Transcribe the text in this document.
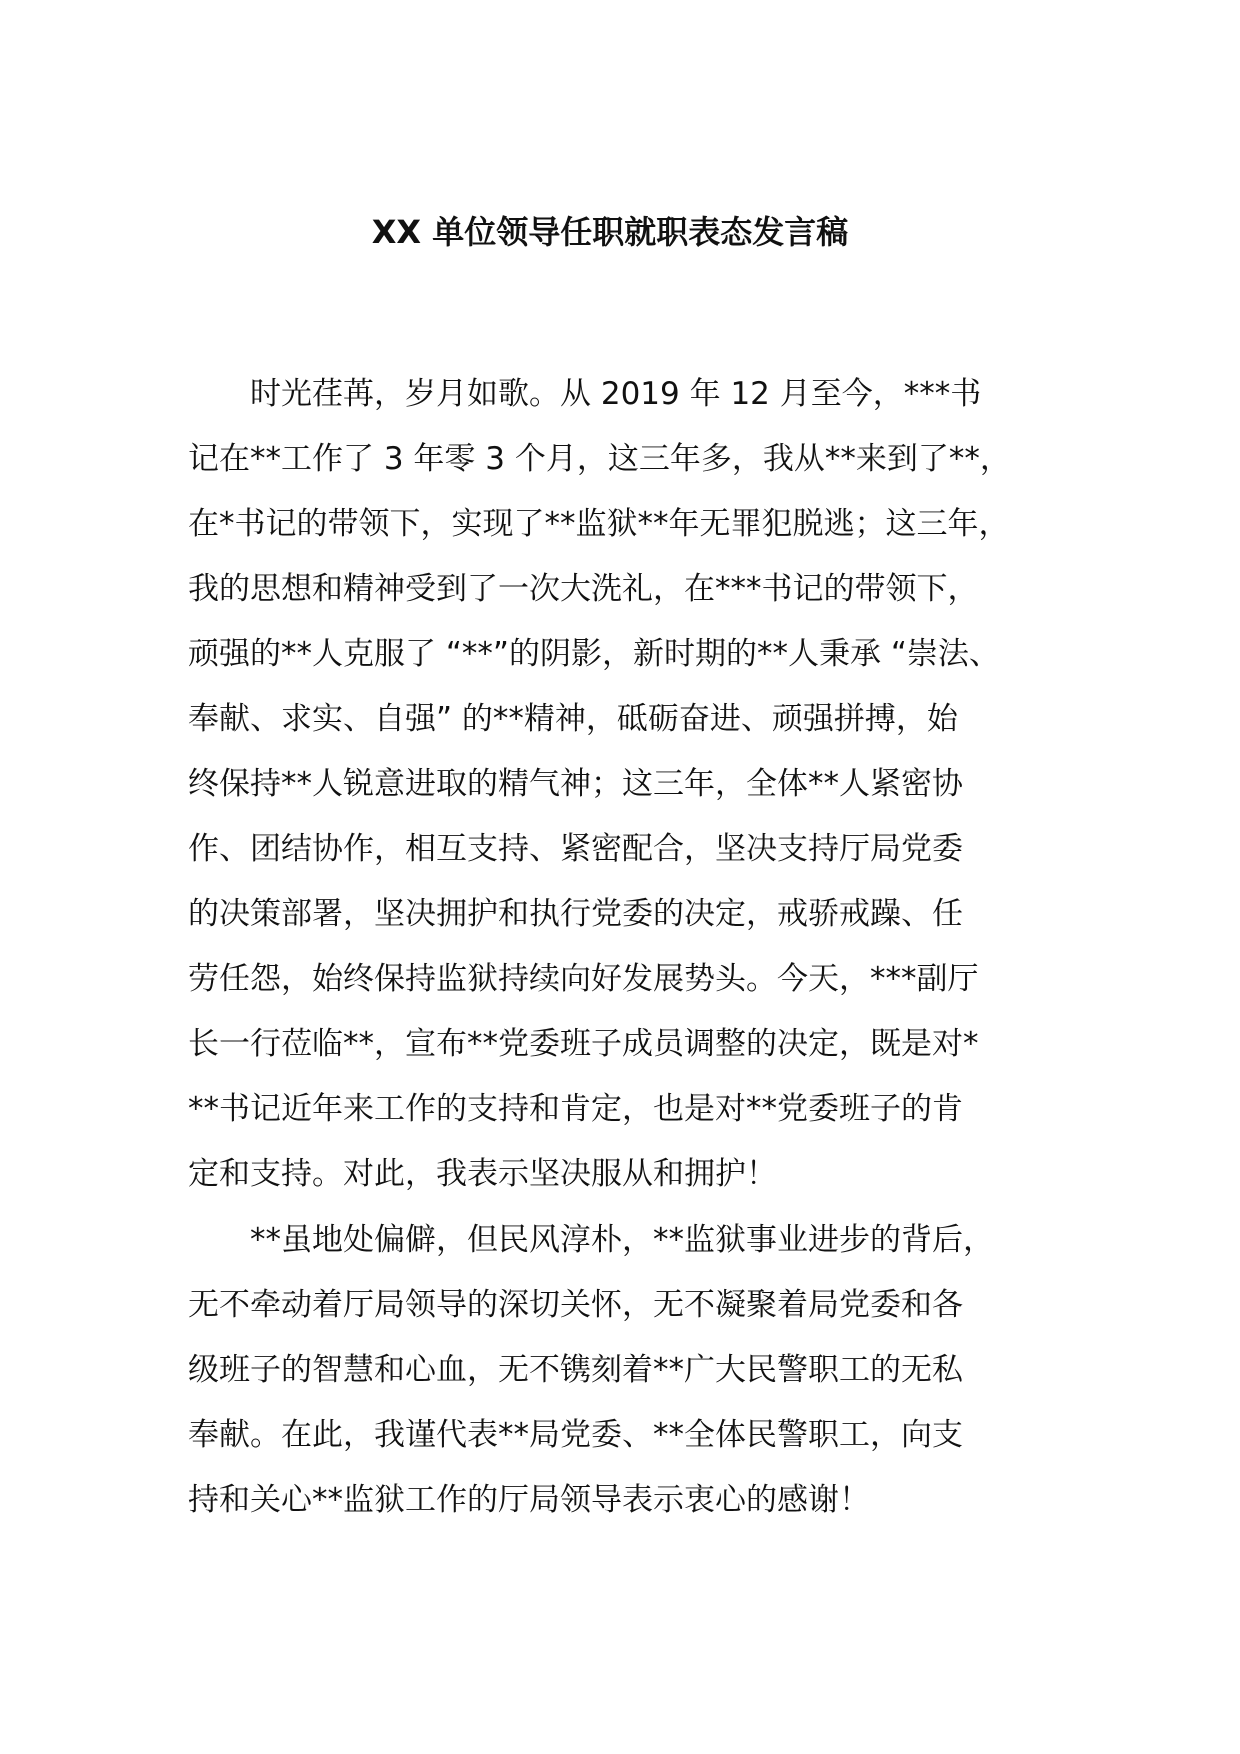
XX 单位领导任职就职表态发言稿

　　时光荏苒，岁月如歌。从 2019 年 12 月至今，***书
记在**工作了 3 年零 3 个月，这三年多，我从**来到了**，
在*书记的带领下，实现了**监狱**年无罪犯脱逃；这三年，
我的思想和精神受到了一次大洗礼，在***书记的带领下，
顽强的**人克服了 “**”的阴影，新时期的**人秉承 “崇法、
奉献、求实、自强” 的**精神，砥砺奋进、顽强拼搏，始
终保持**人锐意进取的精气神；这三年，全体**人紧密协
作、团结协作，相互支持、紧密配合，坚决支持厅局党委
的决策部署，坚决拥护和执行党委的决定，戒骄戒躁、任
劳任怨，始终保持监狱持续向好发展势头。今天，***副厅
长一行莅临**，宣布**党委班子成员调整的决定，既是对*
**书记近年来工作的支持和肯定，也是对**党委班子的肯
定和支持。对此，我表示坚决服从和拥护！

　　**虽地处偏僻，但民风淳朴，**监狱事业进步的背后，
无不牵动着厅局领导的深切关怀，无不凝聚着局党委和各
级班子的智慧和心血，无不镌刻着**广大民警职工的无私
奉献。在此，我谨代表**局党委、**全体民警职工，向支
持和关心**监狱工作的厅局领导表示衷心的感谢！
